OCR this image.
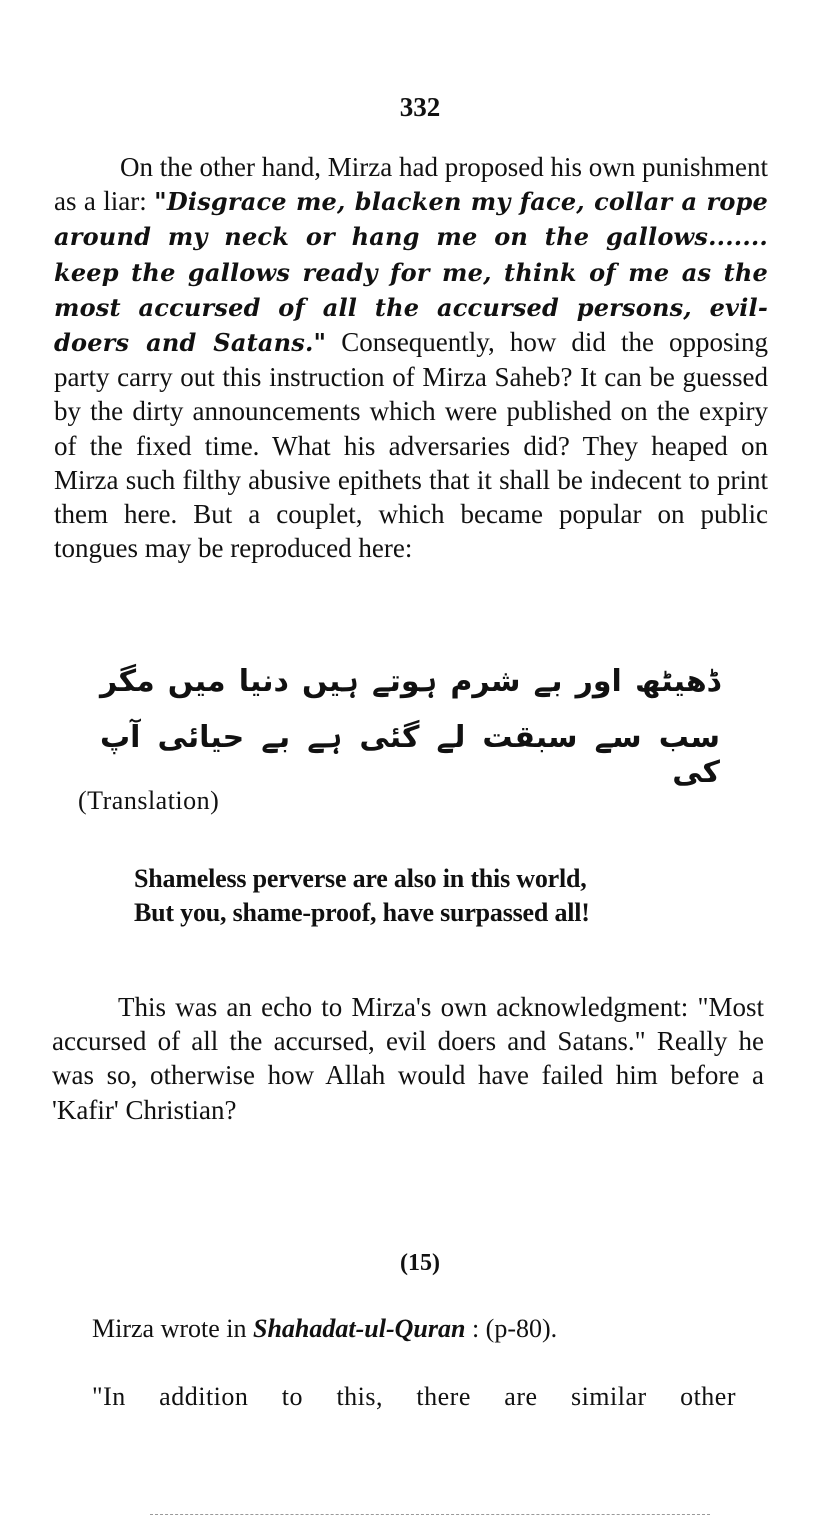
332
On the other hand, Mirza had proposed his own punishment as a liar: "Disgrace me, blacken my face, collar a rope around my neck or hang me on the gallows....... keep the gallows ready for me, think of me as the most accursed of all the accursed persons, evil-doers and Satans." Consequently, how did the opposing party carry out this instruction of Mirza Saheb? It can be guessed by the dirty announcements which were published on the expiry of the fixed time. What his adversaries did? They heaped on Mirza such filthy abusive epithets that it shall be indecent to print them here. But a couplet, which became popular on public tongues may be reproduced here:
ڈھیٹھ اور بے شرم ہوتے ہیں دنیا میں مگر
سب سے سبقت لے گئی ہے بے حیائی آپ کی
(Translation)
Shameless perverse are also in this world,
But you, shame-proof, have surpassed all!
This was an echo to Mirza's own acknowledgment: "Most accursed of all the accursed, evil doers and Satans." Really he was so, otherwise how Allah would have failed him before a 'Kafir' Christian?
(15)
Mirza wrote in Shahadat-ul-Quran : (p-80).
"In addition to this, there are similar other
